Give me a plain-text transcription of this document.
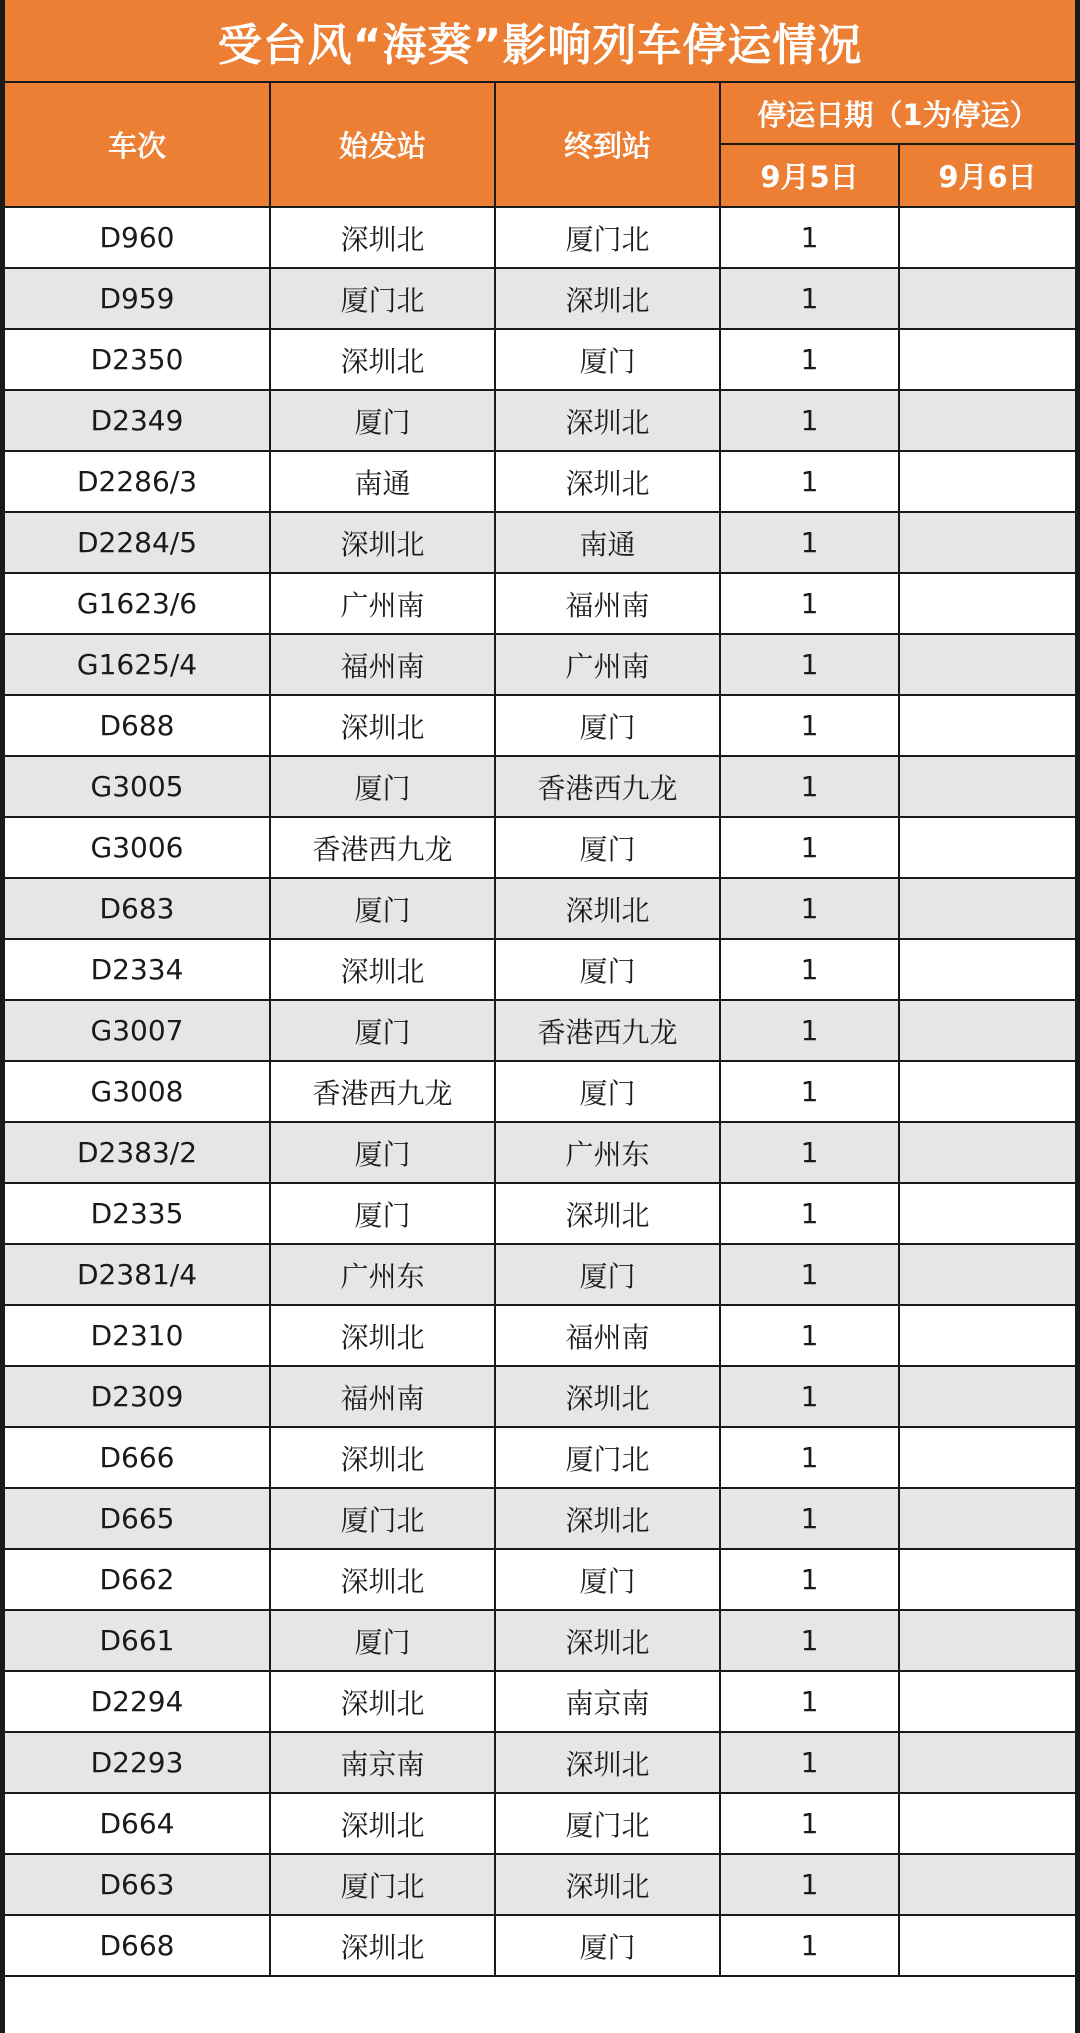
受台风“海葵”影响列车停运情况
车次	始发站	终到站	停运日期（1为停运）	
			9月5日	9月6日
D960	深圳北	厦门北	1	
D959	厦门北	深圳北	1	
D2350	深圳北	厦门	1	
D2349	厦门	深圳北	1	
D2286/3	南通	深圳北	1	
D2284/5	深圳北	南通	1	
G1623/6	广州南	福州南	1	
G1625/4	福州南	广州南	1	
D688	深圳北	厦门	1	
G3005	厦门	香港西九龙	1	
G3006	香港西九龙	厦门	1	
D683	厦门	深圳北	1	
D2334	深圳北	厦门	1	
G3007	厦门	香港西九龙	1	
G3008	香港西九龙	厦门	1	
D2383/2	厦门	广州东	1	
D2335	厦门	深圳北	1	
D2381/4	广州东	厦门	1	
D2310	深圳北	福州南	1	
D2309	福州南	深圳北	1	
D666	深圳北	厦门北	1	
D665	厦门北	深圳北	1	
D662	深圳北	厦门	1	
D661	厦门	深圳北	1	
D2294	深圳北	南京南	1	
D2293	南京南	深圳北	1	
D664	深圳北	厦门北	1	
D663	厦门北	深圳北	1	
D668	深圳北	厦门	1	
